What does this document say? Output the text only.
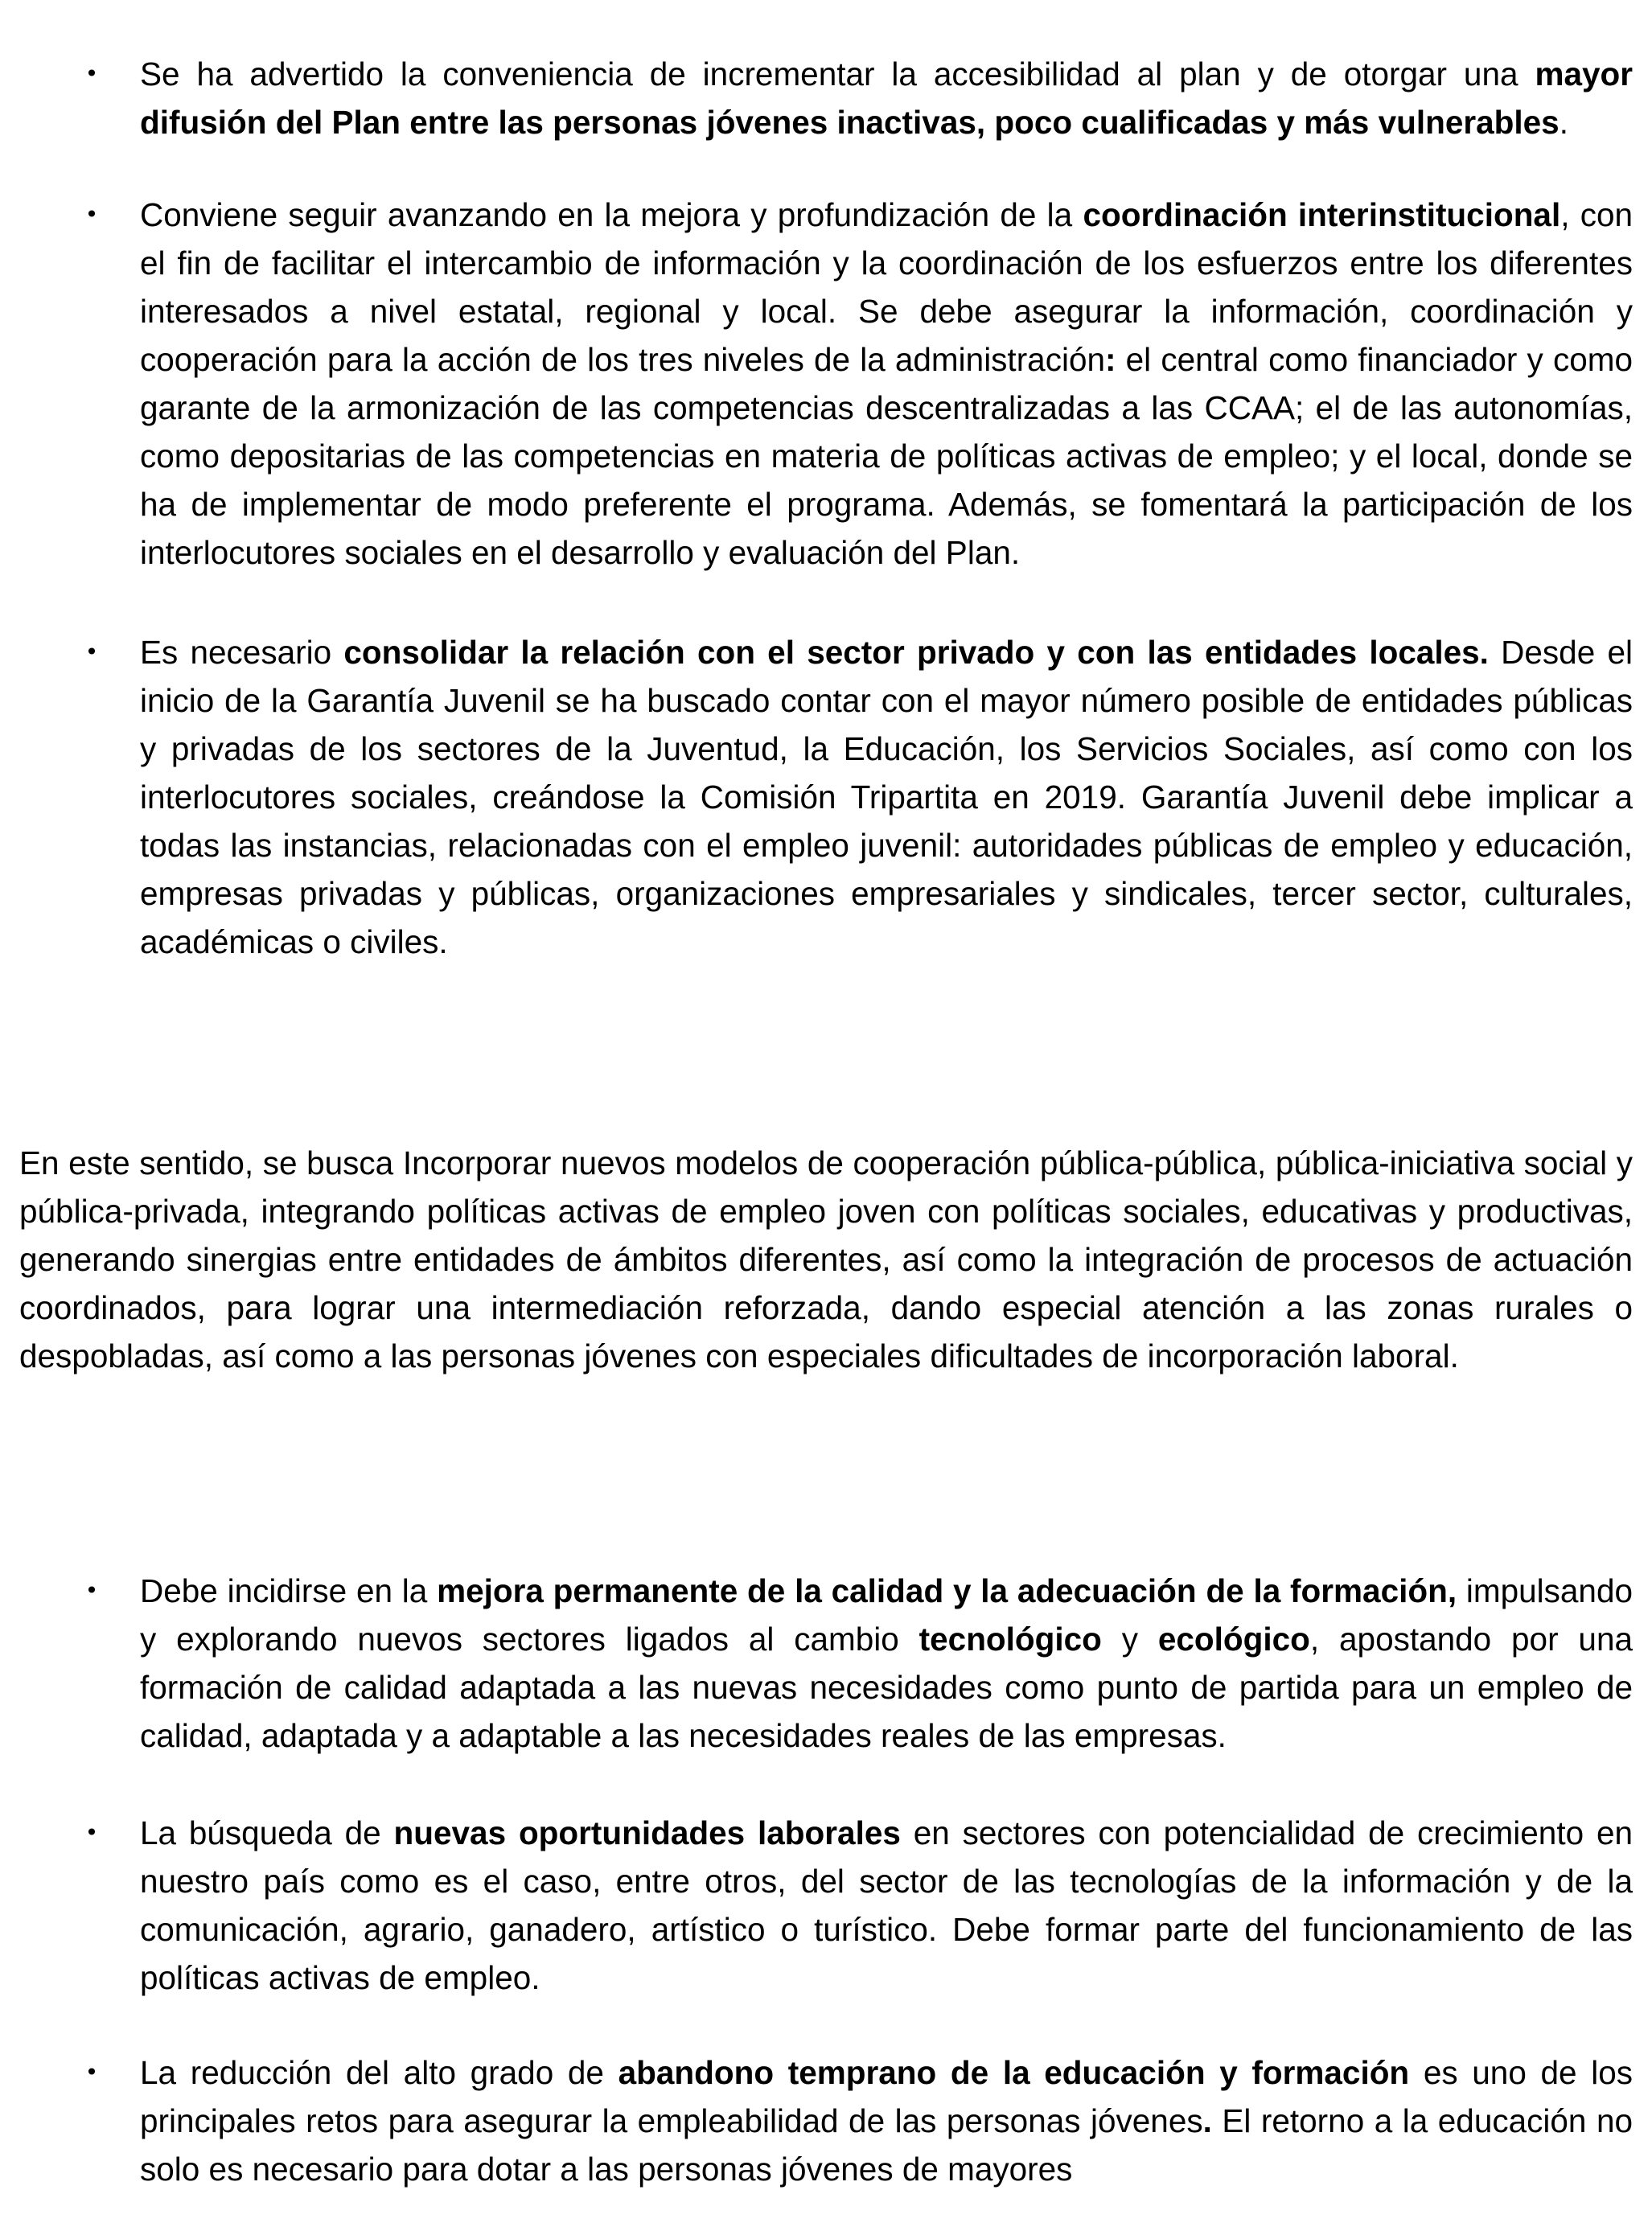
• Se ha advertido la conveniencia de incrementar la accesibilidad al plan y de otorgar una mayor difusión del Plan entre las personas jóvenes inactivas, poco cualificadas y más vulnerables.
• Conviene seguir avanzando en la mejora y profundización de la coordinación interinstitucional, con el fin de facilitar el intercambio de información y la coordinación de los esfuerzos entre los diferentes interesados a nivel estatal, regional y local. Se debe asegurar la información, coordinación y cooperación para la acción de los tres niveles de la administración: el central como financiador y como garante de la armonización de las competencias descentralizadas a las CCAA; el de las autonomías, como depositarias de las competencias en materia de políticas activas de empleo; y el local, donde se ha de implementar de modo preferente el programa. Además, se fomentará la participación de los interlocutores sociales en el desarrollo y evaluación del Plan.
• Es necesario consolidar la relación con el sector privado y con las entidades locales. Desde el inicio de la Garantía Juvenil se ha buscado contar con el mayor número posible de entidades públicas y privadas de los sectores de la Juventud, la Educación, los Servicios Sociales, así como con los interlocutores sociales, creándose la Comisión Tripartita en 2019. Garantía Juvenil debe implicar a todas las instancias, relacionadas con el empleo juvenil: autoridades públicas de empleo y educación, empresas privadas y públicas, organizaciones empresariales y sindicales, tercer sector, culturales, académicas o civiles.

En este sentido, se busca Incorporar nuevos modelos de cooperación pública-pública, pública-iniciativa social y pública-privada, integrando políticas activas de empleo joven con políticas sociales, educativas y productivas, generando sinergias entre entidades de ámbitos diferentes, así como la integración de procesos de actuación coordinados, para lograr una intermediación reforzada, dando especial atención a las zonas rurales o despobladas, así como a las personas jóvenes con especiales dificultades de incorporación laboral.

• Debe incidirse en la mejora permanente de la calidad y la adecuación de la formación, impulsando y explorando nuevos sectores ligados al cambio tecnológico y ecológico, apostando por una formación de calidad adaptada a las nuevas necesidades como punto de partida para un empleo de calidad, adaptada y a adaptable a las necesidades reales de las empresas.
• La búsqueda de nuevas oportunidades laborales en sectores con potencialidad de crecimiento en nuestro país como es el caso, entre otros, del sector de las tecnologías de la información y de la comunicación, agrario, ganadero, artístico o turístico. Debe formar parte del funcionamiento de las políticas activas de empleo.
• La reducción del alto grado de abandono temprano de la educación y formación es uno de los principales retos para asegurar la empleabilidad de las personas jóvenes. El retorno a la educación no solo es necesario para dotar a las personas jóvenes de mayores
